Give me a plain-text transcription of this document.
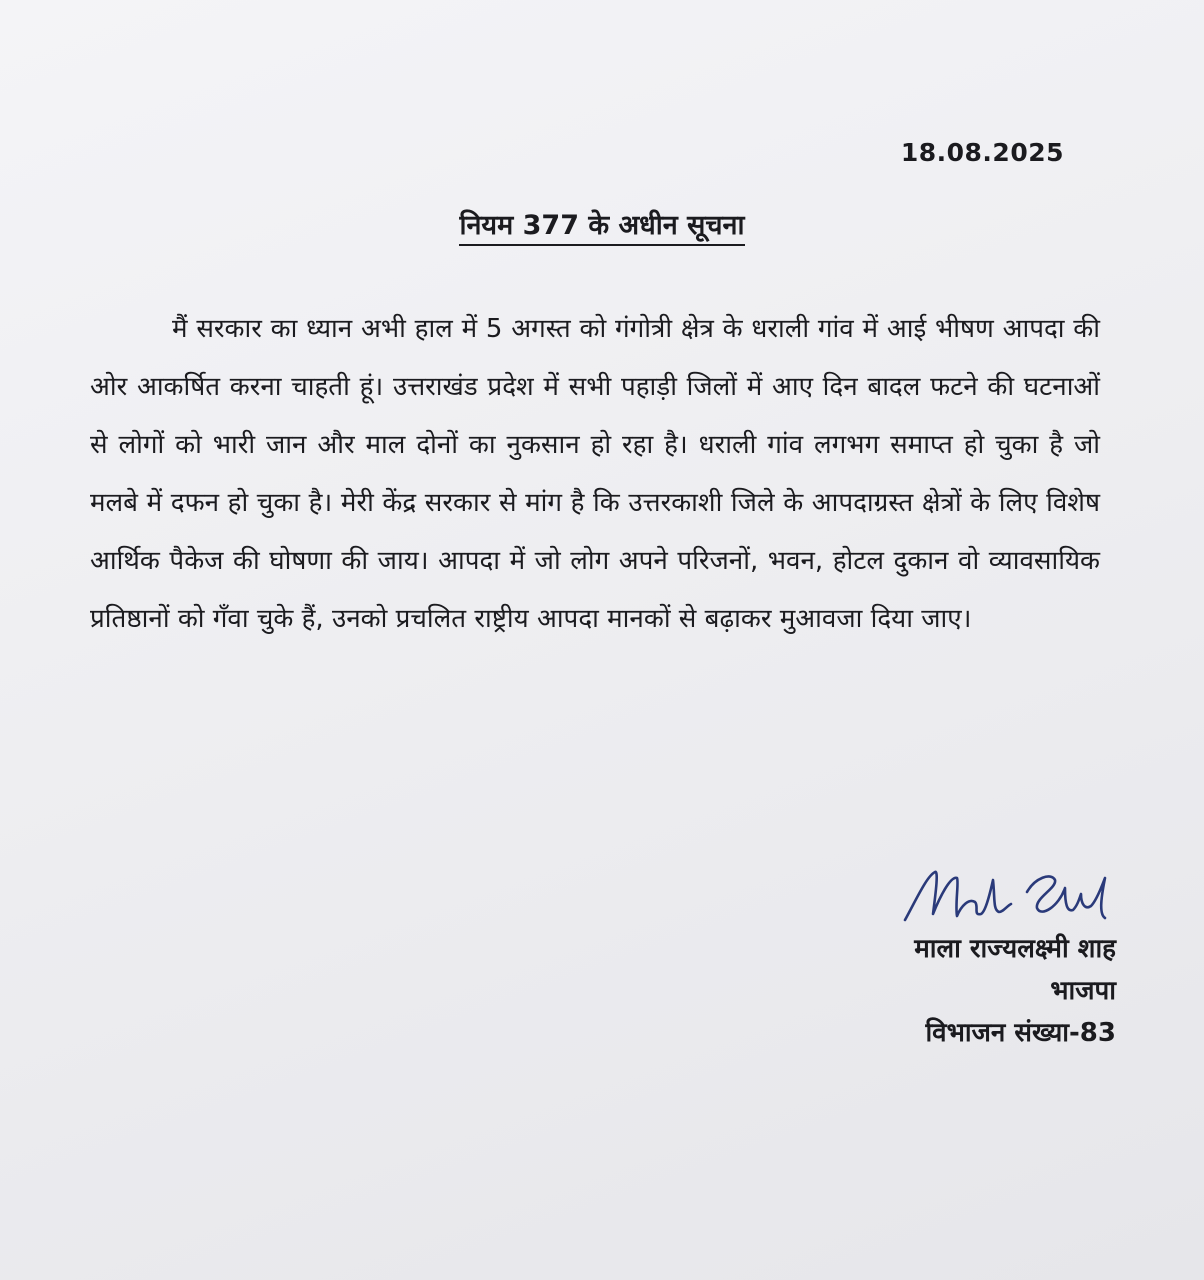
18.08.2025
नियम 377 के अधीन सूचना

मैं सरकार का ध्यान अभी हाल में 5 अगस्त को गंगोत्री क्षेत्र के धराली गांव में आई भीषण आपदा की ओर आकर्षित करना चाहती हूं। उत्तराखंड प्रदेश में सभी पहाड़ी जिलों में आए दिन बादल फटने की घटनाओं से लोगों को भारी जान और माल दोनों का नुकसान हो रहा है। धराली गांव लगभग समाप्त हो चुका है जो मलबे में दफन हो चुका है। मेरी केंद्र सरकार से मांग है कि उत्तरकाशी जिले के आपदाग्रस्त क्षेत्रों के लिए विशेष आर्थिक पैकेज की घोषणा की जाय। आपदा में जो लोग अपने परिजनों, भवन, होटल दुकान वो व्यावसायिक प्रतिष्ठानों को गँवा चुके हैं, उनको प्रचलित राष्ट्रीय आपदा मानकों से बढ़ाकर मुआवजा दिया जाए।

माला राज्यलक्ष्मी शाह
भाजपा
विभाजन संख्या-83
